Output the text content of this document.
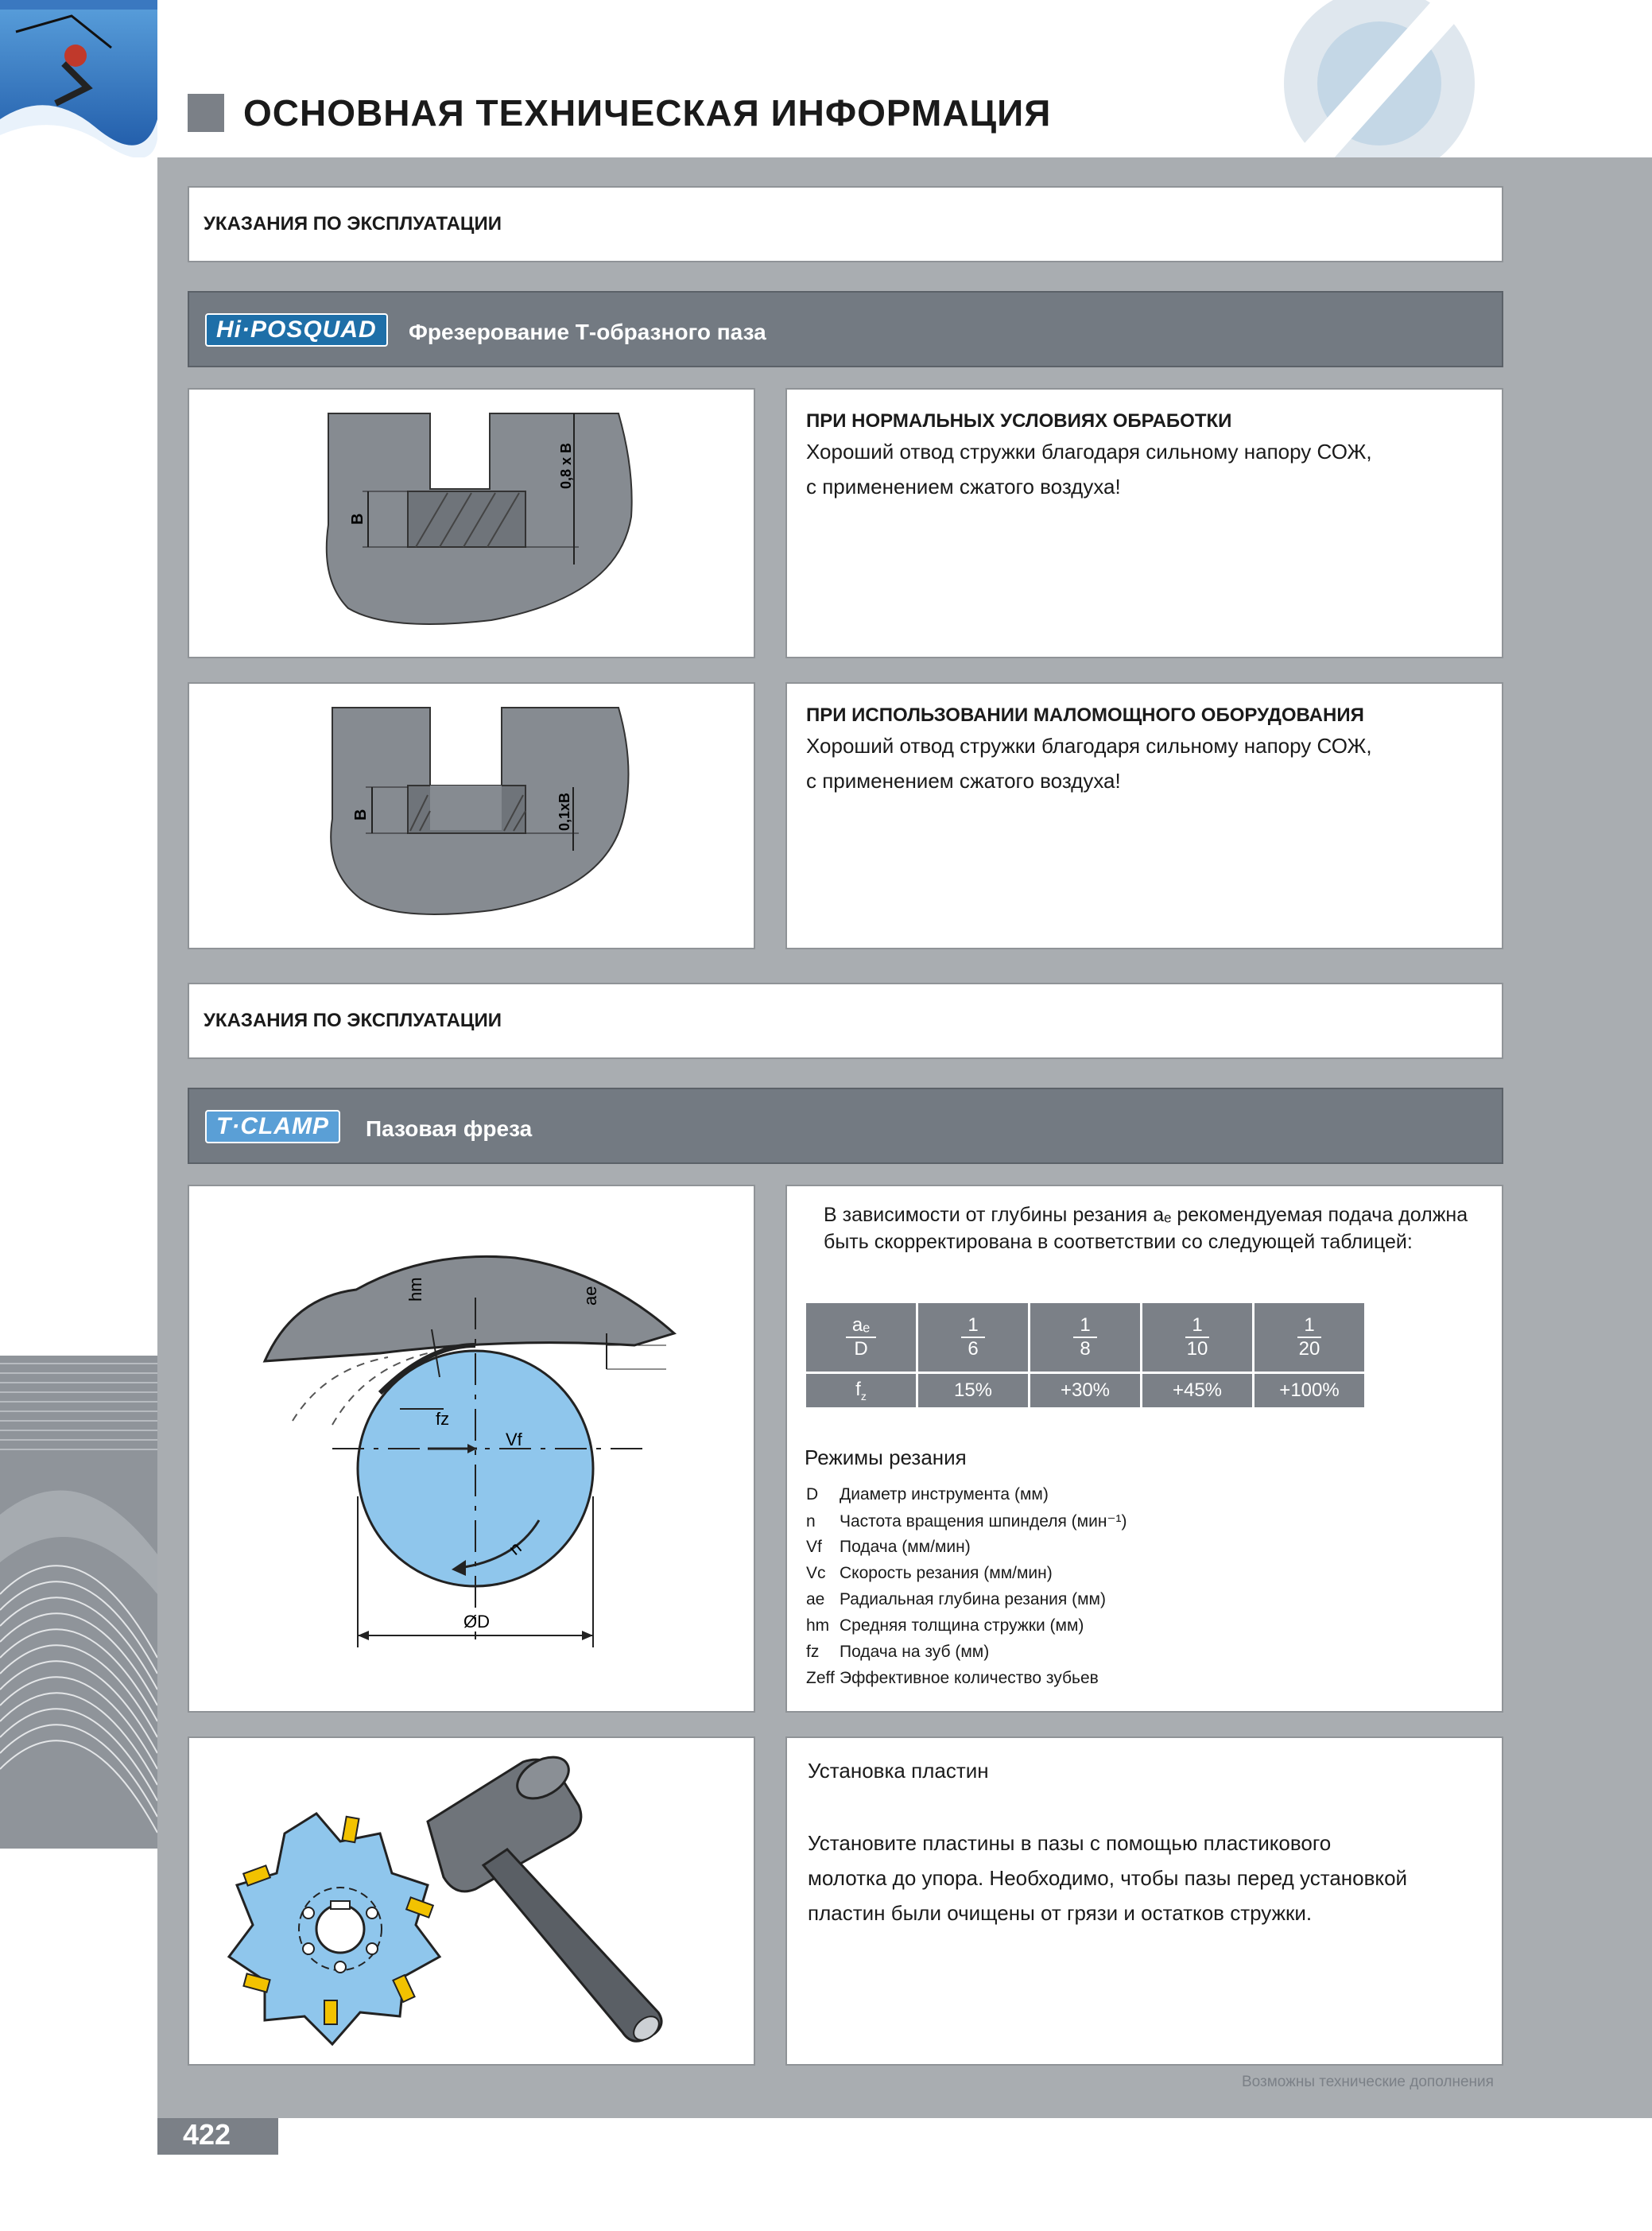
ОСНОВНАЯ ТЕХНИЧЕСКАЯ ИНФОРМАЦИЯ
УКАЗАНИЯ ПО ЭКСПЛУАТАЦИИ
Hi·POSQUAD	Фрезерование Т-образного паза
B
0,8 x B
ПРИ НОРМАЛЬНЫХ УСЛОВИЯХ ОБРАБОТКИ
Хороший отвод стружки благодаря сильному напору СОЖ,
с применением сжатого воздуха!
B	0,1xB
ПРИ ИСПОЛЬЗОВАНИИ МАЛОМОЩНОГО ОБОРУДОВАНИЯ
Хороший отвод стружки благодаря сильному напору СОЖ,
с применением сжатого воздуха!
УКАЗАНИЯ ПО ЭКСПЛУАТАЦИИ
T·CLAMP	Пазовая фреза
hm	ae
fz
Vf
n
ØD
В зависимости от глубины резания aₑ рекомендуемая подача должна
быть скорректирована в соответствии со следующей таблицей:
$\frac{\text{aₑ}}{D}$	$\frac{1}{6}$	$\frac{1}{8}$	$\frac{1}{10}$	$\frac{1}{20}$

$f_z$	15%	+30%	+45%	+100%
Режимы резания
D Диаметр инструмента (мм)
n Частота вращения шпинделя (мин⁻¹)
Vf Подача (мм/мин)
Vc Скорость резания (мм/мин)
ae Радиальная глубина резания (мм)
hm Средняя толщина стружки (мм)
fz Подача на зуб (мм)
Zeff Эффективное количество зубьев
Установка пластин
Установите пластины в пазы с помощью пластикового
молотка до упора. Необходимо, чтобы пазы перед установкой
пластин были очищены от грязи и остатков стружки.
Возможны технические дополнения
422
